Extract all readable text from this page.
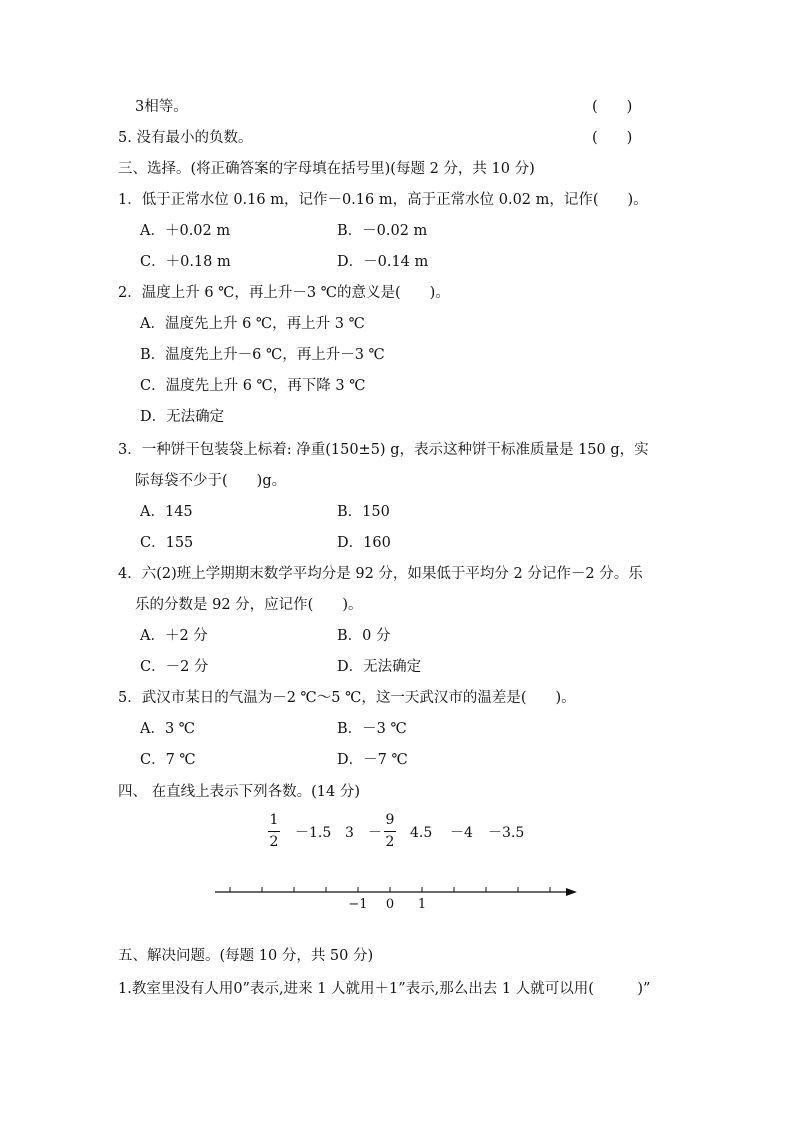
3相等。	(　　)
5. 没有最小的负数。	(　　)
三、选择。(将正确答案的字母填在括号里)(每题 2 分，共 10 分)
1．低于正常水位 0.16 m，记作－0.16 m，高于正常水位 0.02 m，记作(　　)。
A．＋0.02 m	B．－0.02 m
C．＋0.18 m	D．－0.14 m
2．温度上升 6 ℃，再上升－3 ℃的意义是(　　)。
A．温度先上升 6 ℃，再上升 3 ℃
B．温度先上升－6 ℃，再上升－3 ℃
C．温度先上升 6 ℃，再下降 3 ℃
D．无法确定
3．一种饼干包装袋上标着: 净重(150±5) g，表示这种饼干标准质量是 150 g，实
际每袋不少于(　　)g。
A．145	B．150
C．155	D．160
4．六(2)班上学期期末数学平均分是 92 分，如果低于平均分 2 分记作－2 分。乐
乐的分数是 92 分，应记作(　　)。
A．＋2 分	B．0 分
C．－2 分	D．无法确定
5．武汉市某日的气温为－2 ℃～5 ℃，这一天武汉市的温差是(　　)。
A．3 ℃	B．－3 ℃
C．7 ℃	D．－7 ℃
四、 在直线上表示下列各数。(14 分)
1
2
－1.5 3 －
9
2
4.5 －4 －3.5
−1 0 1
五、解决问题。(每题 10 分，共 50 分)
1.教室里没有人用0”表示,进来 1 人就用＋1”表示,那么出去 1 人就可以用(　　　)”
